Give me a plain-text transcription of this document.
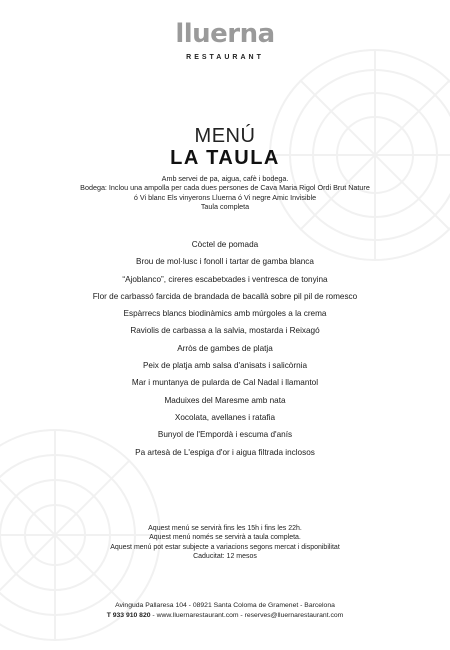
lluerna
RESTAURANT
MENÚ
LA TAULA
Amb servei de pa, aigua, cafè i bodega.
Bodega: Inclou una ampolla per cada dues persones de Cava Maria Rigol Ordi Brut Nature
ó Vi blanc Els vinyerons Lluerna ó Vi negre Amic Invisible
Taula completa
Còctel de pomada
Brou de mol·lusc i fonoll i tartar de gamba blanca
“Ajoblanco”, cireres escabetxades i ventresca de tonyina
Flor de carbassó farcida de brandada de bacallà sobre pil pil de romesco
Espàrrecs blancs biodinàmics amb múrgoles a la crema
Raviolis de carbassa a la salvia, mostarda i Reixagó
Arròs de gambes de platja
Peix de platja amb salsa d'anisats i salicòrnia
Mar i muntanya de pularda de Cal Nadal i llamantol
Maduixes del Maresme amb nata
Xocolata, avellanes i ratafia
Bunyol de l'Empordà i escuma d'anís
Pa artesà de L'espiga d'or i aigua filtrada inclosos
Aquest menú se servirà fins les 15h i fins les 22h.
Aquest menú només se servirà a taula completa.
Aquest menú pot estar subjecte a variacions segons mercat i disponibilitat
Caducitat: 12 mesos
Avinguda Pallaresa 104 - 08921 Santa Coloma de Gramenet - Barcelona
T 933 910 820 - www.lluernarestaurant.com - reserves@lluernarestaurant.com
